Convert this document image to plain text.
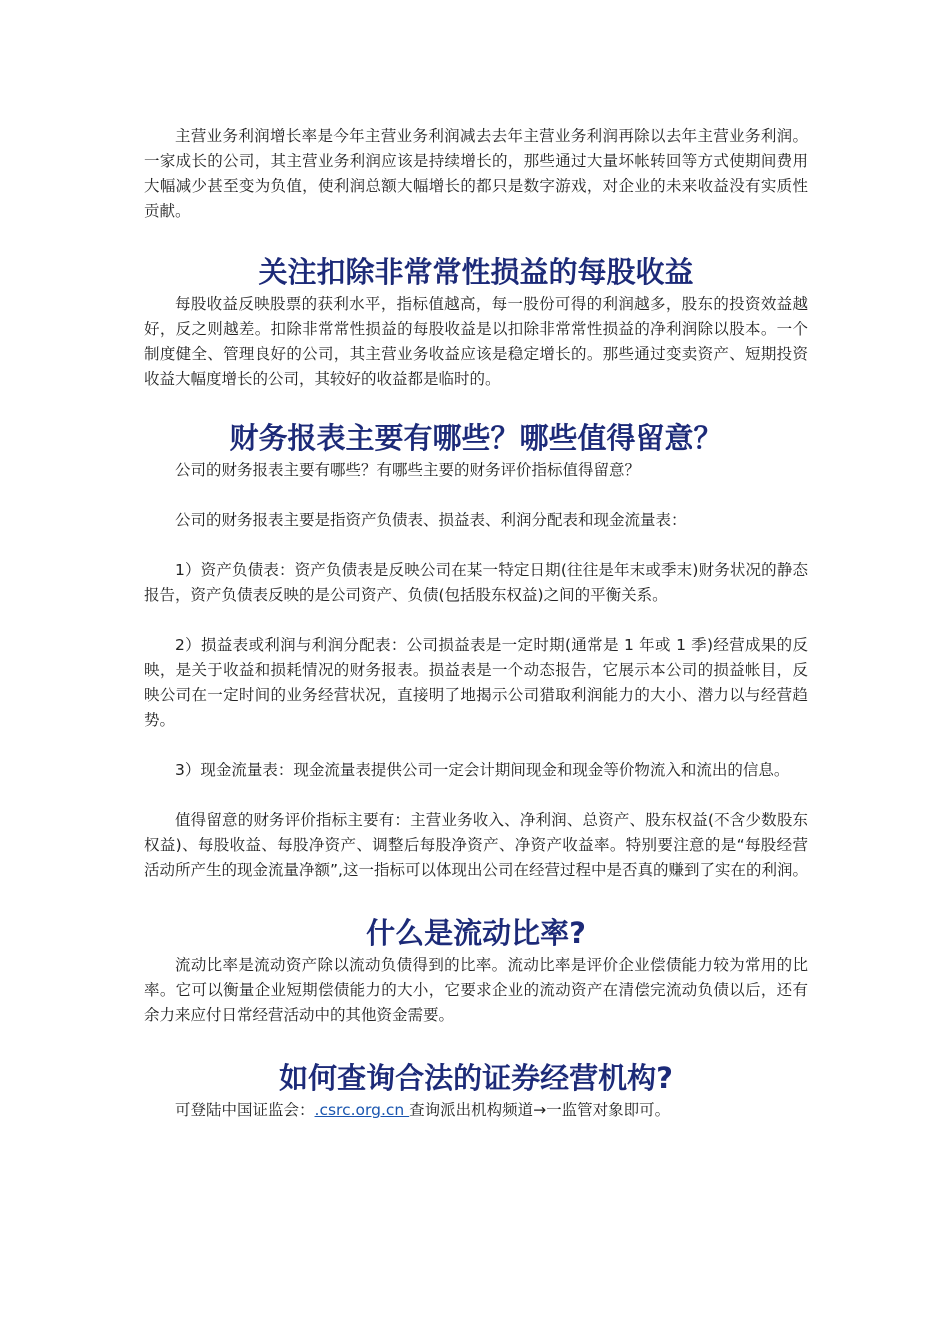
主营业务利润增长率是今年主营业务利润减去去年主营业务利润再除以去年主营业务利润。一家成长的公司，其主营业务利润应该是持续增长的，那些通过大量坏帐转回等方式使期间费用大幅减少甚至变为负值，使利润总额大幅增长的都只是数字游戏，对企业的未来收益没有实质性贡献。

关注扣除非常常性损益的每股收益

每股收益反映股票的获利水平，指标值越高，每一股份可得的利润越多，股东的投资效益越好，反之则越差。扣除非常常性损益的每股收益是以扣除非常常性损益的净利润除以股本。一个制度健全、管理良好的公司，其主营业务收益应该是稳定增长的。那些通过变卖资产、短期投资收益大幅度增长的公司，其较好的收益都是临时的。

财务报表主要有哪些？哪些值得留意？

公司的财务报表主要有哪些？有哪些主要的财务评价指标值得留意？

公司的财务报表主要是指资产负债表、损益表、利润分配表和现金流量表：

1）资产负债表：资产负债表是反映公司在某一特定日期(往往是年末或季末)财务状况的静态报告，资产负债表反映的是公司资产、负债(包括股东权益)之间的平衡关系。

2）损益表或利润与利润分配表：公司损益表是一定时期(通常是 1 年或 1 季)经营成果的反映，是关于收益和损耗情况的财务报表。损益表是一个动态报告，它展示本公司的损益帐目，反映公司在一定时间的业务经营状况，直接明了地揭示公司猎取利润能力的大小、潜力以与经营趋势。

3）现金流量表：现金流量表提供公司一定会计期间现金和现金等价物流入和流出的信息。

值得留意的财务评价指标主要有：主营业务收入、净利润、总资产、股东权益(不含少数股东权益)、每股收益、每股净资产、调整后每股净资产、净资产收益率。特别要注意的是“每股经营活动所产生的现金流量净额”,这一指标可以体现出公司在经营过程中是否真的赚到了实在的利润。

什么是流动比率?

流动比率是流动资产除以流动负债得到的比率。流动比率是评价企业偿债能力较为常用的比率。它可以衡量企业短期偿债能力的大小，它要求企业的流动资产在清偿完流动负债以后，还有余力来应付日常经营活动中的其他资金需要。

如何查询合法的证券经营机构?

可登陆中国证监会：.csrc.org.cn 查询派出机构频道→一监管对象即可。
